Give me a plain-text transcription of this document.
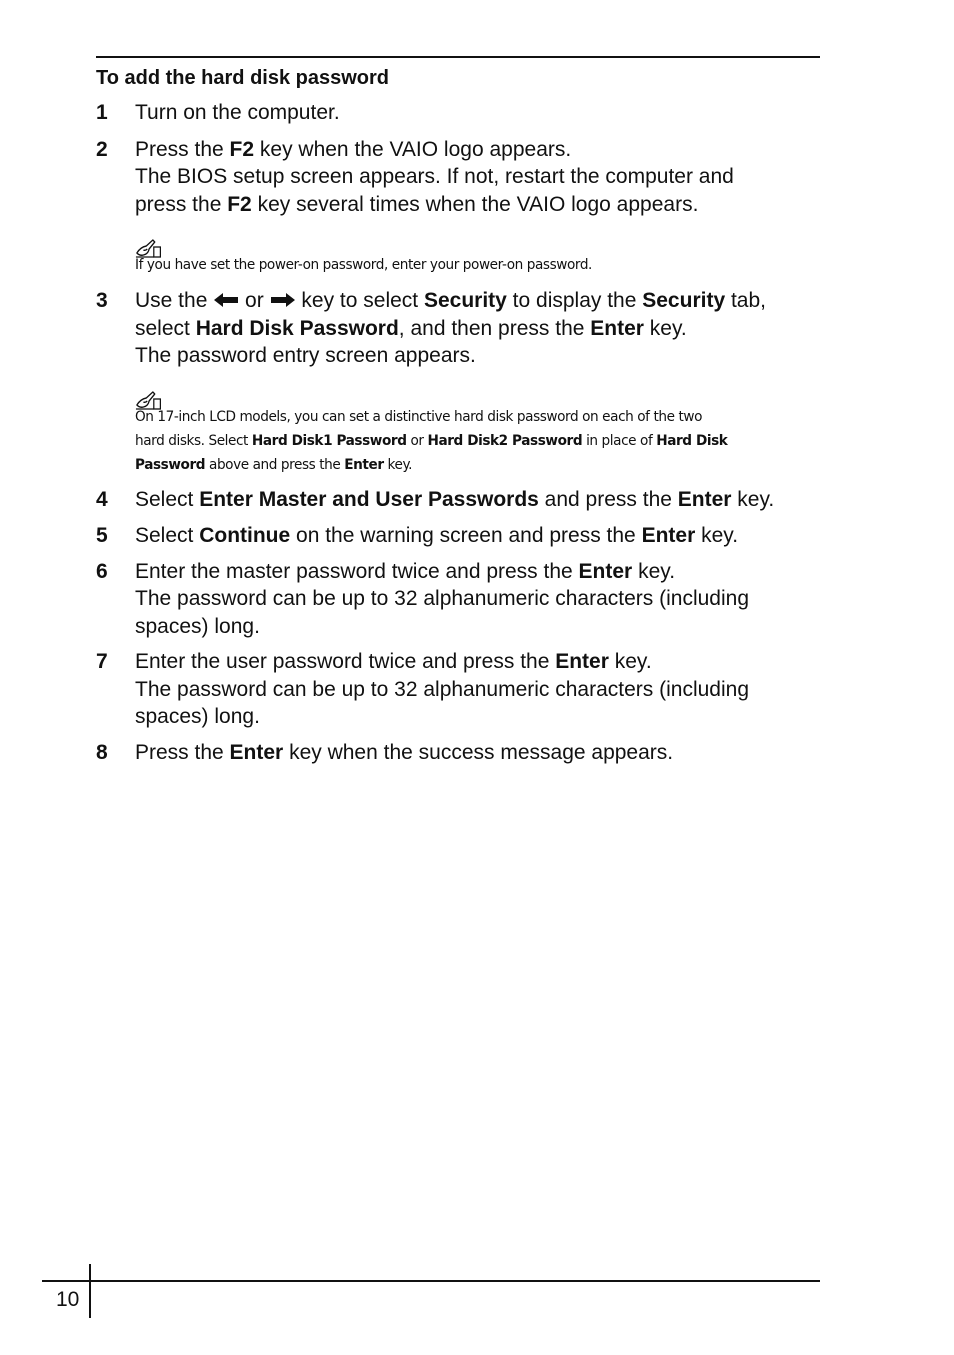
To add the hard disk password
1 Turn on the computer.
2 Press the F2 key when the VAIO logo appears.
The BIOS setup screen appears. If not, restart the computer and
press the F2 key several times when the VAIO logo appears.
If you have set the power-on password, enter your power-on password.
3 Use the  or  key to select Security to display the Security tab,
select Hard Disk Password, and then press the Enter key.
The password entry screen appears.
On 17-inch LCD models, you can set a distinctive hard disk password on each of the two
hard disks. Select Hard Disk1 Password or Hard Disk2 Password in place of Hard Disk
Password above and press the Enter key.
4 Select Enter Master and User Passwords and press the Enter key.
5 Select Continue on the warning screen and press the Enter key.
6 Enter the master password twice and press the Enter key.
The password can be up to 32 alphanumeric characters (including
spaces) long.
7 Enter the user password twice and press the Enter key.
The password can be up to 32 alphanumeric characters (including
spaces) long.
8 Press the Enter key when the success message appears.
10
